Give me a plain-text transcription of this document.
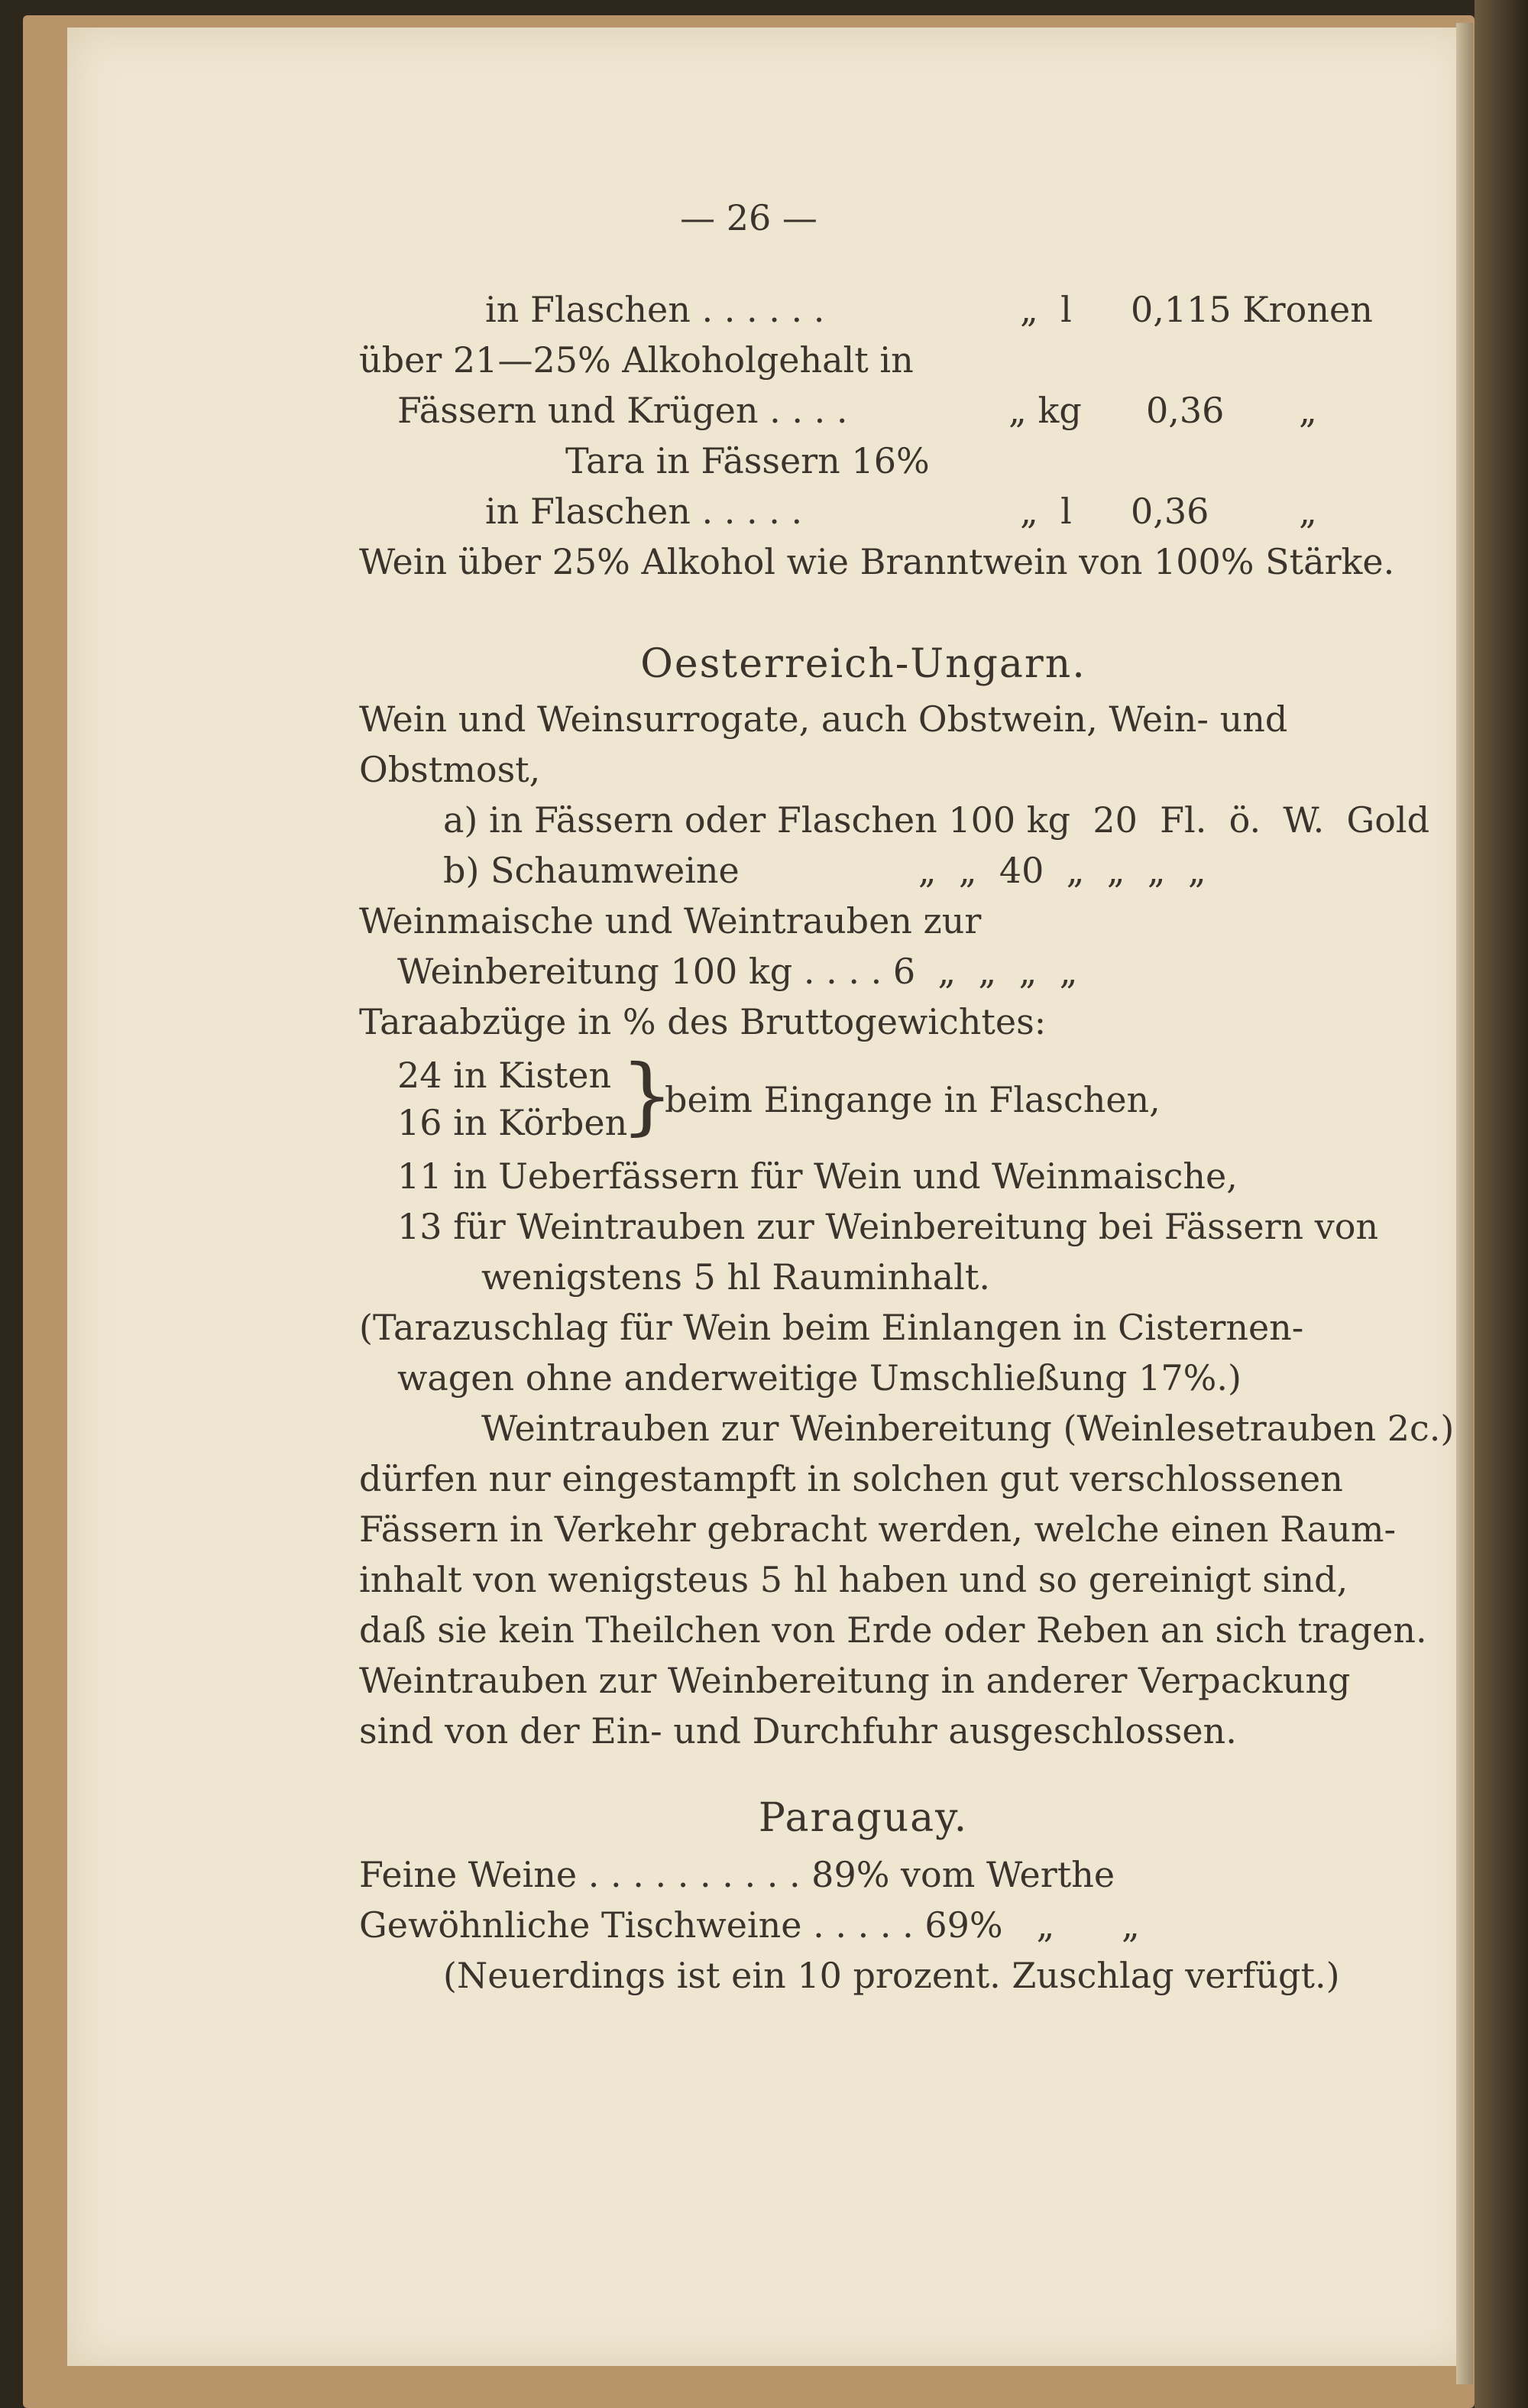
— 26 —
in Flaschen . . . . . .	„  l 0,115 Kronen
über 21—25% Alkoholgehalt in
Fässern und Krügen . . . .	„ kg 0,36 „
Tara in Fässern 16%
in Flaschen . . . . .	„  l 0,36	„
Wein über 25% Alkohol wie Branntwein von 100% Stärke.
Oesterreich-Ungarn.
Wein und Weinsurrogate, auch Obstwein, Wein- und
Obstmost,
a) in Fässern oder Flaschen 100 kg  20  Fl.  ö.  W.  Gold
b) Schaumweine                „  „  40  „  „  „  „
Weinmaische und Weintrauben zur
Weinbereitung 100 kg . . . . 6  „  „  „  „
Taraabzüge in % des Bruttogewichtes:
24 in Kisten
16 in Körben
}
beim Eingange in Flaschen,
11 in Ueberfässern für Wein und Weinmaische,
13 für Weintrauben zur Weinbereitung bei Fässern von
wenigstens 5 hl Rauminhalt.
(Tarazuschlag für Wein beim Einlangen in Cisternen-
wagen ohne anderweitige Umschließung 17%.)
Weintrauben zur Weinbereitung (Weinlesetrauben 2c.)
dürfen nur eingestampft in solchen gut verschlossenen
Fässern in Verkehr gebracht werden, welche einen Raum-
inhalt von wenigsteus 5 hl haben und so gereinigt sind,
daß sie kein Theilchen von Erde oder Reben an sich tragen.
Weintrauben zur Weinbereitung in anderer Verpackung
sind von der Ein- und Durchfuhr ausgeschlossen.
Paraguay.
Feine Weine . . . . . . . . . . 89% vom Werthe
Gewöhnliche Tischweine . . . . . 69%   „      „
(Neuerdings ist ein 10 prozent. Zuschlag verfügt.)
